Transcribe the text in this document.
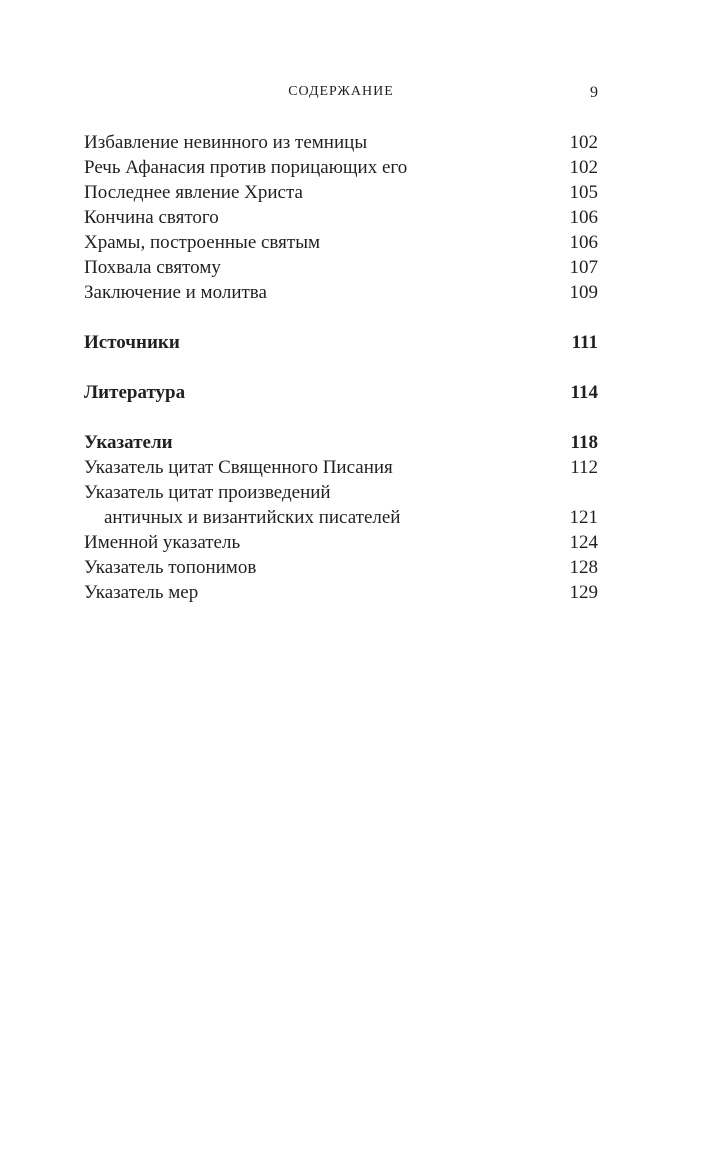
СОДЕРЖАНИЕ	9
Избавление невинного из темницы	102
Речь Афанасия против порицающих его	102
Последнее явление Христа	105
Кончина святого	106
Храмы, построенные святым	106
Похвала святому	107
Заключение и молитва	109
Источники	111
Литература	114
Указатели	118
Указатель цитат Священного Писания	112
Указатель цитат произведений
античных и византийских писателей	121
Именной указатель	124
Указатель топонимов	128
Указатель мер	129
